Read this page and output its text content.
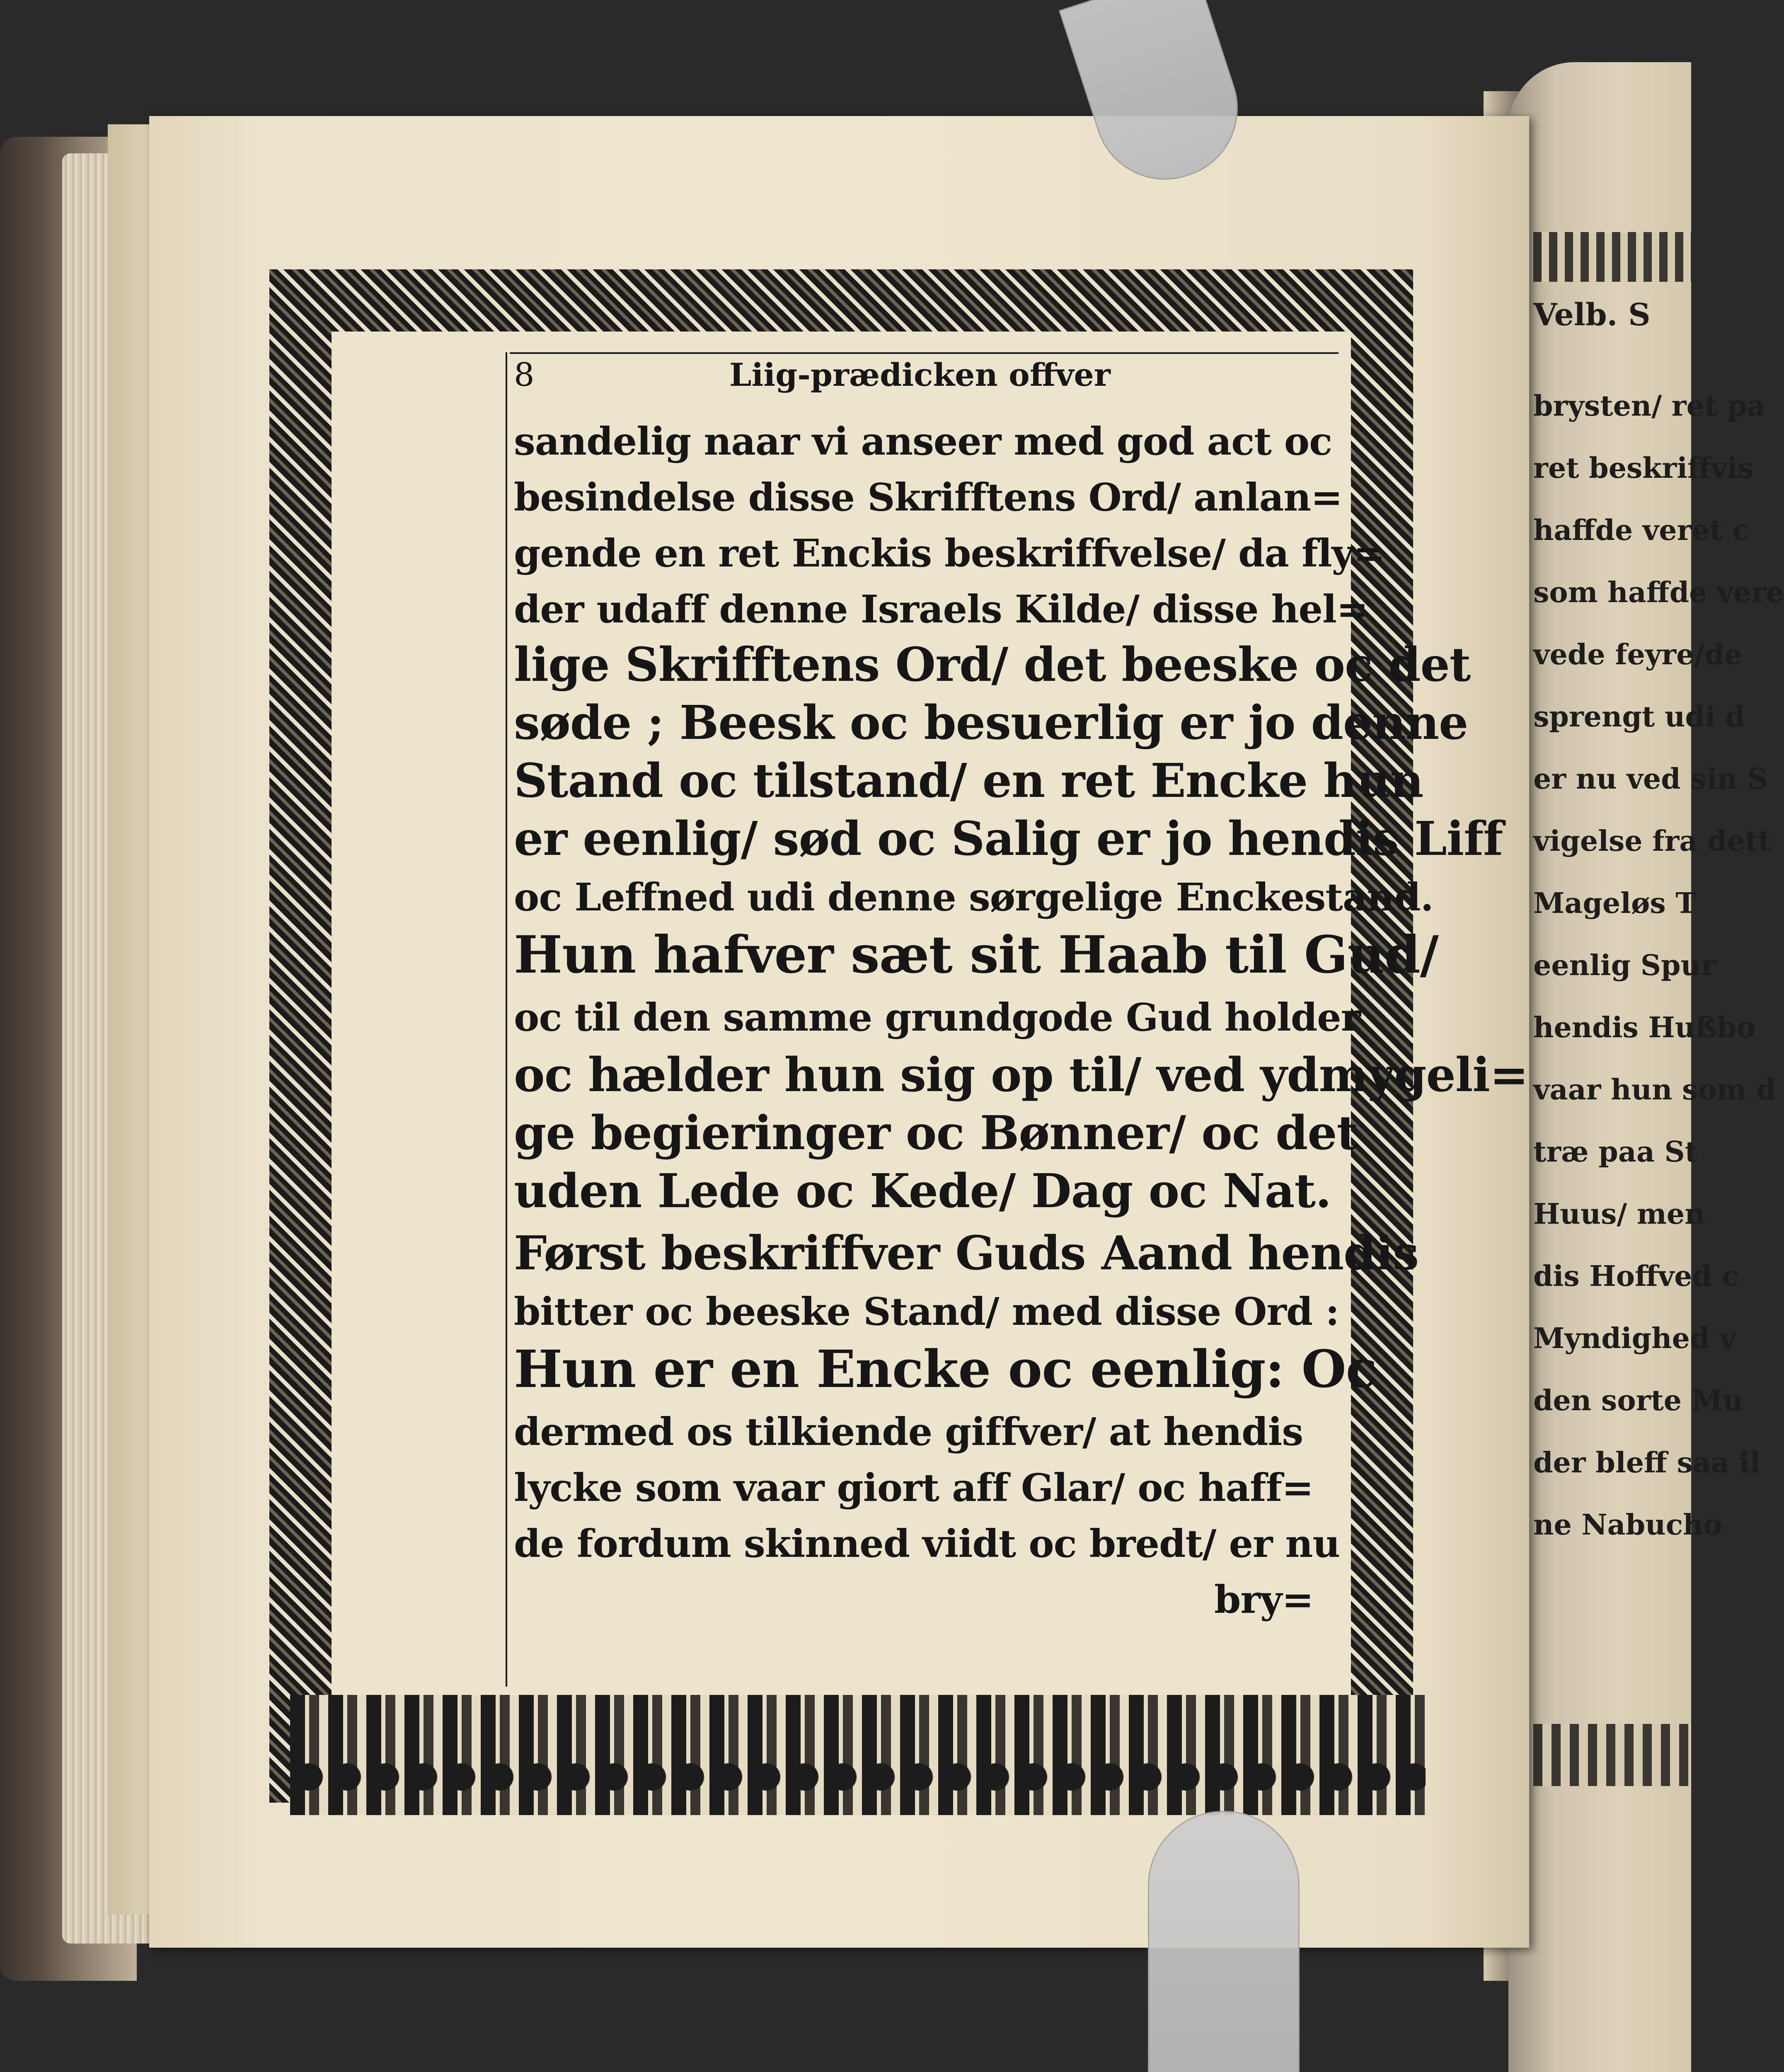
8	Liig-prædicken offver
sandelig naar vi anseer med god act oc
besindelse disse Skrifftens Ord/ anlan=
gende en ret Enckis beskriffvelse/ da fly=
der udaff denne Israels Kilde/ disse hel=
lige Skrifftens Ord/ det beeske oc det
søde ; Beesk oc besuerlig er jo denne
Stand oc tilstand/ en ret Encke hun
er eenlig/ sød oc Salig er jo hendis Liff
oc Leffned udi denne sørgelige Enckestand.
Hun hafver sæt sit Haab til Gud/
oc til den samme grundgode Gud holder
oc hælder hun sig op til/ ved ydmygeli=
ge begieringer oc Bønner/ oc det
uden Lede oc Kede/ Dag oc Nat.
Først beskriffver Guds Aand hendis
bitter oc beeske Stand/ med disse Ord :
Hun er en Encke oc eenlig: Oc
dermed os tilkiende giffver/ at hendis
lycke som vaar giort aff Glar/ oc haff=
de fordum skinned viidt oc bredt/ er nu
bry=
Velb. S
brysten/ ret pa
ret beskriffvis
haffde veret c
som haffde vere
vede feyre/de
sprengt udi d
er nu ved sin S
vigelse fra dett
Mageløs T
eenlig Spur
hendis Hußbo
vaar hun som d
træ paa St
Huus/ men
dis Hoffved c
Myndighed v
den sorte Mu
der bleff saa il
ne Nabucho
